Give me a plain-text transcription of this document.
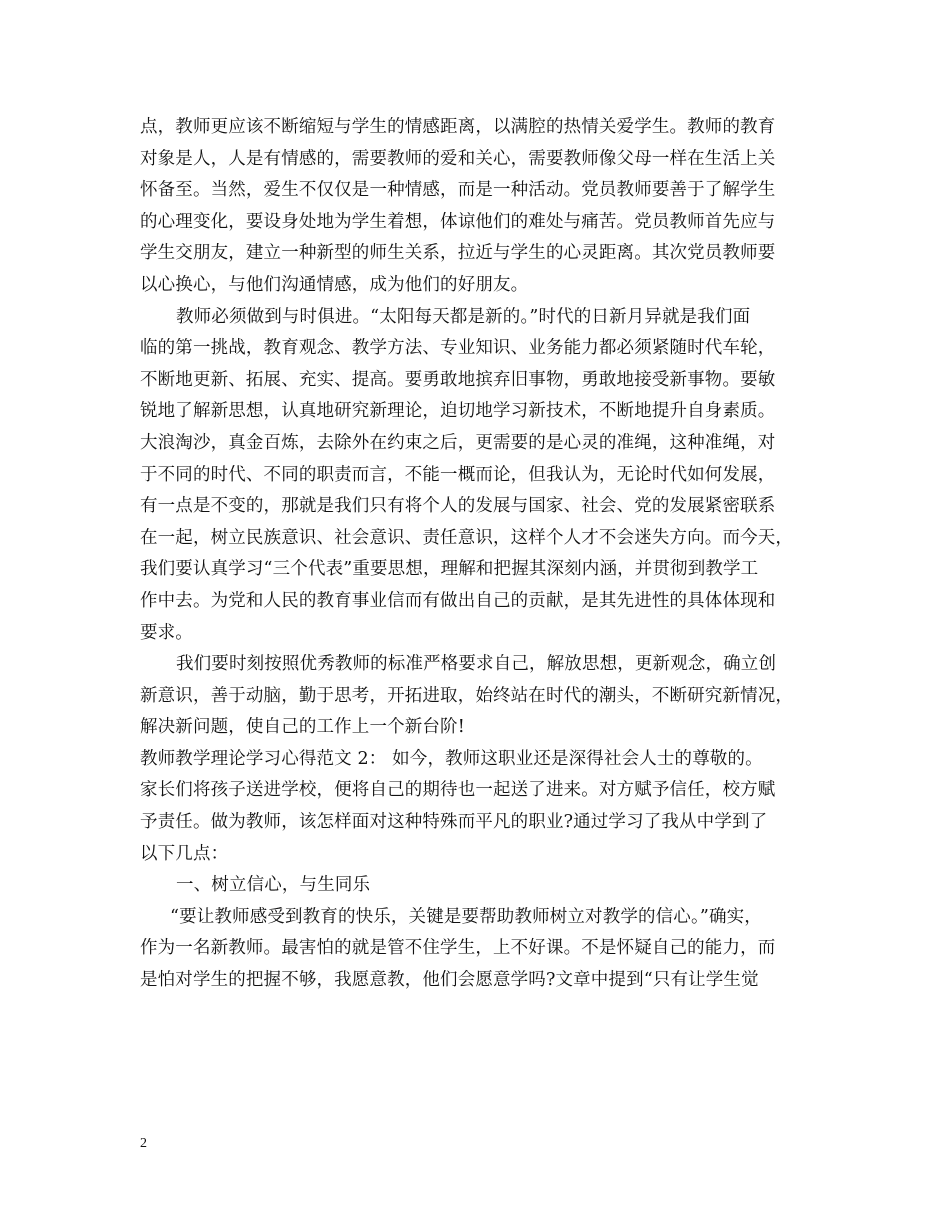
点，教师更应该不断缩短与学生的情感距离，以满腔的热情关爱学生。教师的教育
对象是人，人是有情感的，需要教师的爱和关心，需要教师像父母一样在生活上关
怀备至。当然，爱生不仅仅是一种情感，而是一种活动。党员教师要善于了解学生
的心理变化，要设身处地为学生着想，体谅他们的难处与痛苦。党员教师首先应与
学生交朋友，建立一种新型的师生关系，拉近与学生的心灵距离。其次党员教师要
以心换心，与他们沟通情感，成为他们的好朋友。
教师必须做到与时俱进。“太阳每天都是新的。”时代的日新月异就是我们面
临的第一挑战，教育观念、教学方法、专业知识、业务能力都必须紧随时代车轮，
不断地更新、拓展、充实、提高。要勇敢地摈弃旧事物，勇敢地接受新事物。要敏
锐地了解新思想，认真地研究新理论，迫切地学习新技术，不断地提升自身素质。
大浪淘沙，真金百炼，去除外在约束之后，更需要的是心灵的准绳，这种准绳，对
于不同的时代、不同的职责而言，不能一概而论，但我认为，无论时代如何发展，
有一点是不变的，那就是我们只有将个人的发展与国家、社会、党的发展紧密联系
在一起，树立民族意识、社会意识、责任意识，这样个人才不会迷失方向。而今天，
我们要认真学习“三个代表”重要思想，理解和把握其深刻内涵，并贯彻到教学工
作中去。为党和人民的教育事业信而有做出自己的贡献，是其先进性的具体体现和
要求。
我们要时刻按照优秀教师的标准严格要求自己，解放思想，更新观念，确立创
新意识，善于动脑，勤于思考，开拓进取，始终站在时代的潮头，不断研究新情况，
解决新问题，使自己的工作上一个新台阶!
教师教学理论学习心得范文 2： 如今，教师这职业还是深得社会人士的尊敬的。
家长们将孩子送进学校，便将自己的期待也一起送了进来。对方赋予信任，校方赋
予责任。做为教师，该怎样面对这种特殊而平凡的职业?通过学习了我从中学到了
以下几点：
一、树立信心，与生同乐
“要让教师感受到教育的快乐，关键是要帮助教师树立对教学的信心。”确实，
作为一名新教师。最害怕的就是管不住学生，上不好课。不是怀疑自己的能力，而
是怕对学生的把握不够，我愿意教，他们会愿意学吗?文章中提到“只有让学生觉
2
